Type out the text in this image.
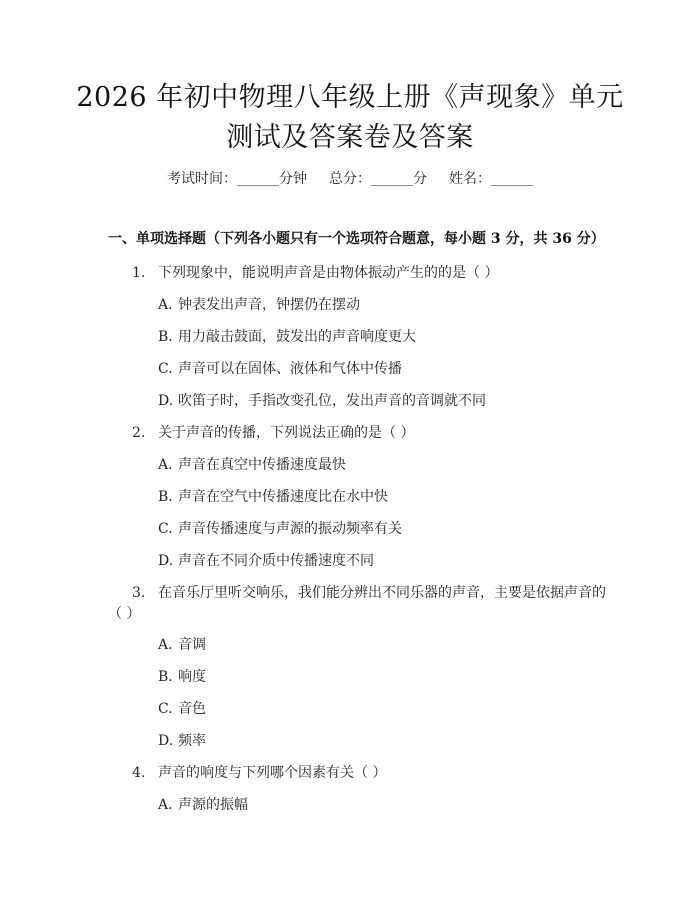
2026 年初中物理八年级上册《声现象》单元
测试及答案卷及答案
考试时间：______分钟 总分：______分 姓名：______
一、单项选择题（下列各小题只有一个选项符合题意，每小题 3 分，共 36 分）
1. 下列现象中，能说明声音是由物体振动产生的的是（ ）
A. 钟表发出声音，钟摆仍在摆动
B. 用力敲击鼓面，鼓发出的声音响度更大
C. 声音可以在固体、液体和气体中传播
D. 吹笛子时，手指改变孔位，发出声音的音调就不同
2. 关于声音的传播，下列说法正确的是（ ）
A. 声音在真空中传播速度最快
B. 声音在空气中传播速度比在水中快
C. 声音传播速度与声源的振动频率有关
D. 声音在不同介质中传播速度不同
3. 在音乐厅里听交响乐，我们能分辨出不同乐器的声音，主要是依据声音的
（ ）
A. 音调
B. 响度
C. 音色
D. 频率
4. 声音的响度与下列哪个因素有关（ ）
A. 声源的振幅
